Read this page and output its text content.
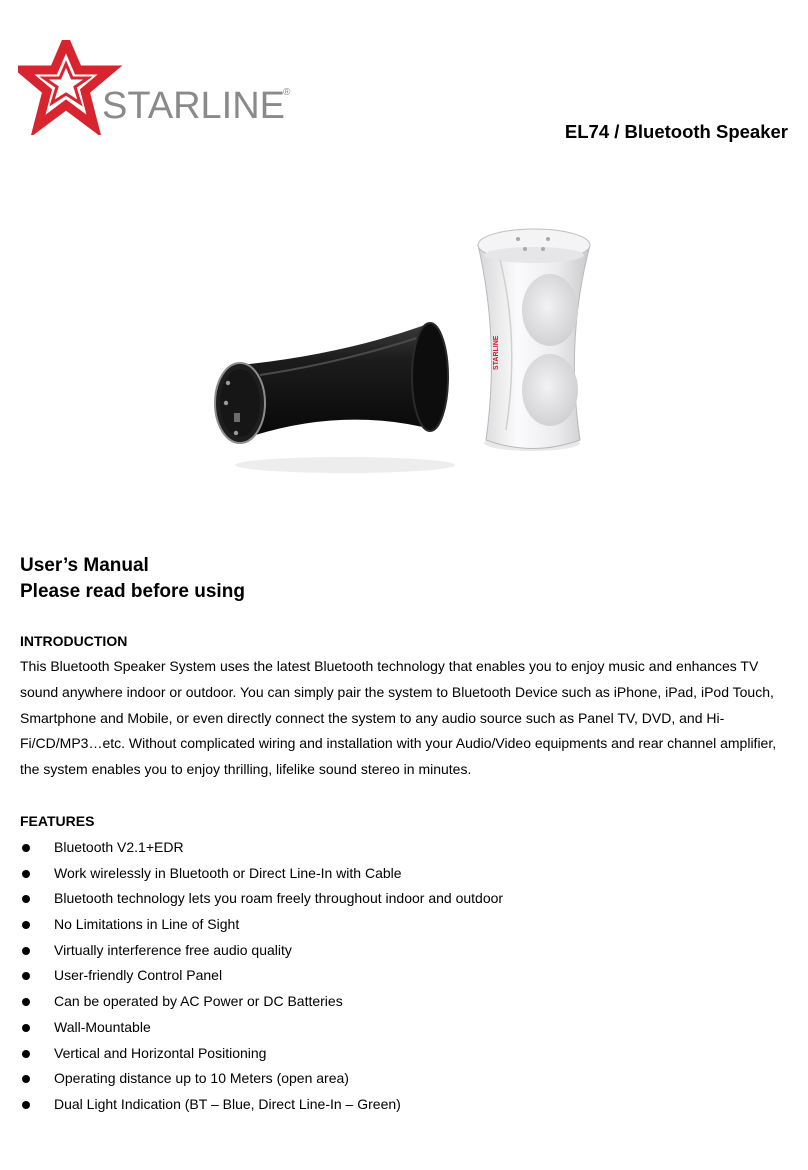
STARLINE
®
EL74 / Bluetooth Speaker
STARLINE
User’s Manual
Please read before using
INTRODUCTION

This Bluetooth Speaker System uses the latest Bluetooth technology that enables you to enjoy music and enhances TV sound anywhere indoor or outdoor. You can simply pair the system to Bluetooth Device such as iPhone, iPad, iPod Touch, Smartphone and Mobile, or even directly connect the system to any audio source such as Panel TV, DVD, and Hi-Fi/CD/MP3…etc. Without complicated wiring and installation with your Audio/Video equipments and rear channel amplifier, the system enables you to enjoy thrilling, lifelike sound stereo in minutes.

FEATURES
Bluetooth V2.1+EDR
Work wirelessly in Bluetooth or Direct Line-In with Cable
Bluetooth technology lets you roam freely throughout indoor and outdoor
No Limitations in Line of Sight
Virtually interference free audio quality
User-friendly Control Panel
Can be operated by AC Power or DC Batteries
Wall-Mountable
Vertical and Horizontal Positioning
Operating distance up to 10 Meters (open area)
Dual Light Indication (BT – Blue, Direct Line-In – Green)
